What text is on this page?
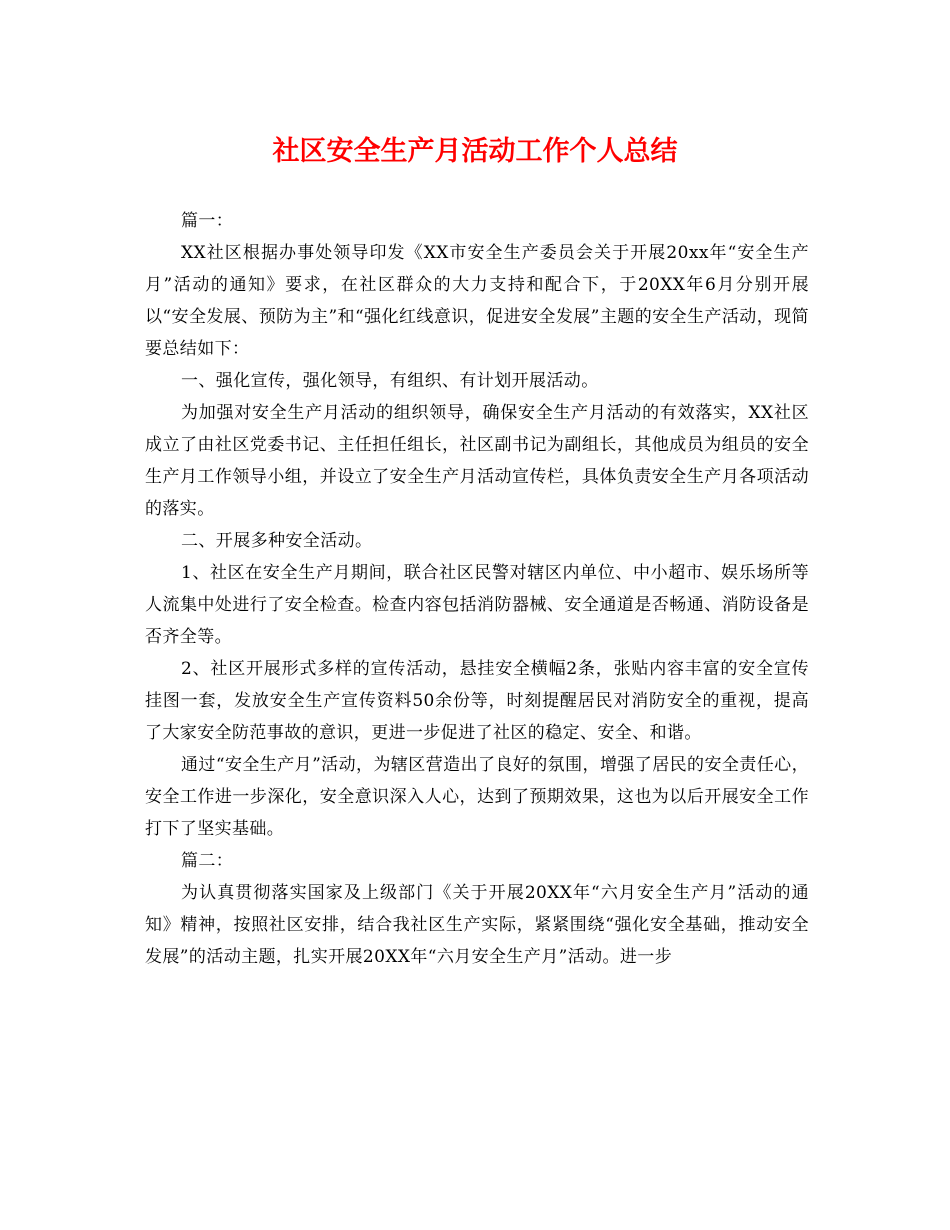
社区安全生产月活动工作个人总结

篇一：

XX社区根据办事处领导印发《XX市安全生产委员会关于开展20xx年“安全生产月”活动的通知》要求，在社区群众的大力支持和配合下，于20XX年6月分别开展以“安全发展、预防为主”和“强化红线意识，促进安全发展”主题的安全生产活动，现简要总结如下：

一、强化宣传，强化领导，有组织、有计划开展活动。

为加强对安全生产月活动的组织领导，确保安全生产月活动的有效落实，XX社区成立了由社区党委书记、主任担任组长，社区副书记为副组长，其他成员为组员的安全生产月工作领导小组，并设立了安全生产月活动宣传栏，具体负责安全生产月各项活动的落实。

二、开展多种安全活动。

1、社区在安全生产月期间，联合社区民警对辖区内单位、中小超市、娱乐场所等人流集中处进行了安全检查。检查内容包括消防器械、安全通道是否畅通、消防设备是否齐全等。

2、社区开展形式多样的宣传活动，悬挂安全横幅2条，张贴内容丰富的安全宣传挂图一套，发放安全生产宣传资料50余份等，时刻提醒居民对消防安全的重视，提高了大家安全防范事故的意识，更进一步促进了社区的稳定、安全、和谐。

通过“安全生产月”活动，为辖区营造出了良好的氛围，增强了居民的安全责任心，安全工作进一步深化，安全意识深入人心，达到了预期效果，这也为以后开展安全工作打下了坚实基础。

篇二：

为认真贯彻落实国家及上级部门《关于开展20XX年“六月安全生产月”活动的通知》精神，按照社区安排，结合我社区生产实际，紧紧围绕“强化安全基础，推动安全发展”的活动主题，扎实开展20XX年“六月安全生产月”活动。进一步
